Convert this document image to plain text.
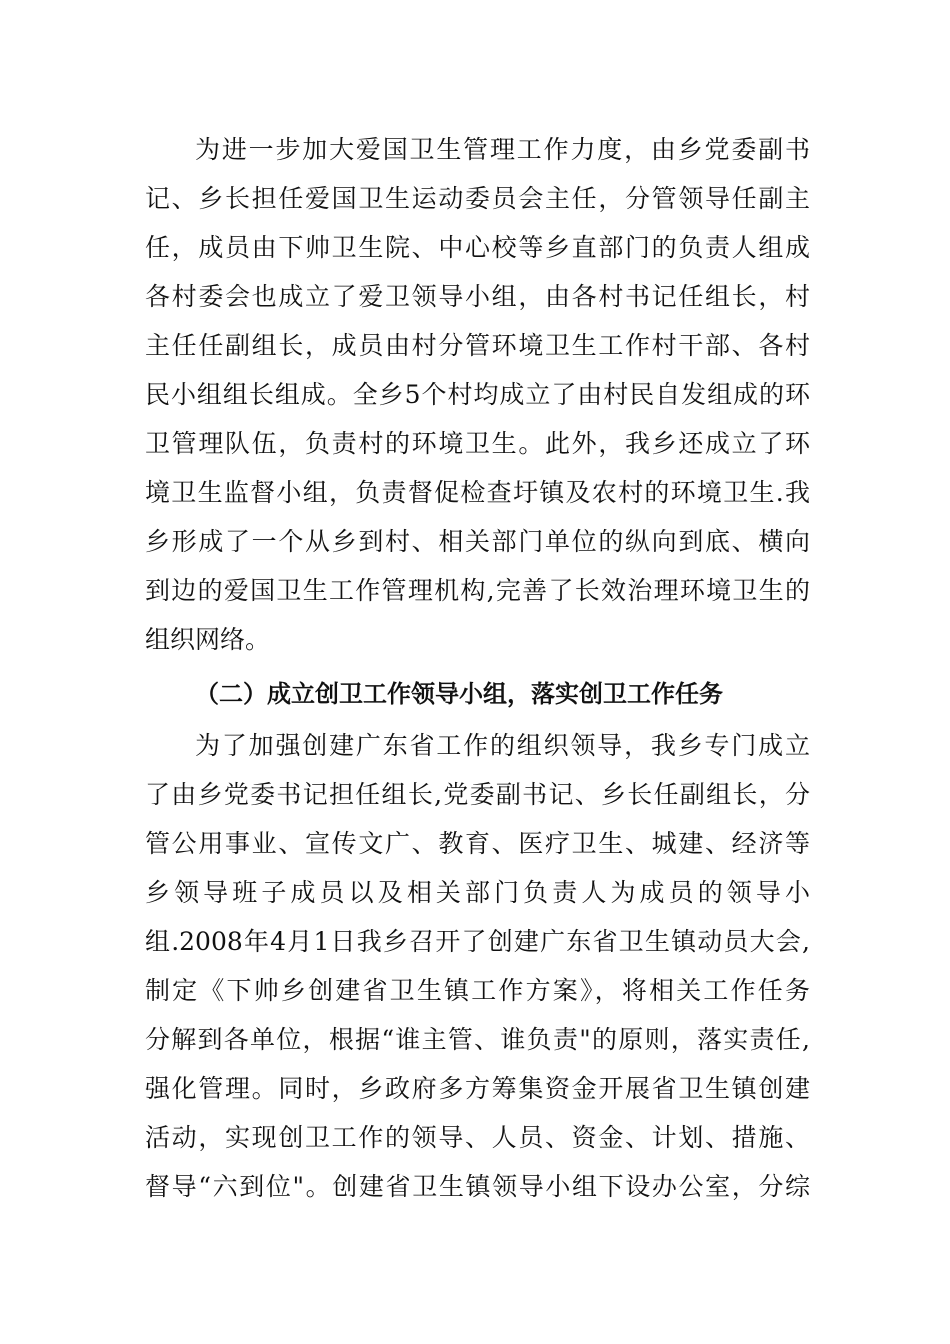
为进一步加大爱国卫生管理工作力度，由乡党委副书
记、乡长担任爱国卫生运动委员会主任，分管领导任副主
任，成员由下帅卫生院、中心校等乡直部门的负责人组成
各村委会也成立了爱卫领导小组，由各村书记任组长，村
主任任副组长，成员由村分管环境卫生工作村干部、各村
民小组组长组成。全乡5个村均成立了由村民自发组成的环
卫管理队伍，负责村的环境卫生。此外，我乡还成立了环
境卫生监督小组，负责督促检查圩镇及农村的环境卫生.我
乡形成了一个从乡到村、相关部门单位的纵向到底、横向
到边的爱国卫生工作管理机构,完善了长效治理环境卫生的
组织网络。
（二）成立创卫工作领导小组，落实创卫工作任务
为了加强创建广东省工作的组织领导，我乡专门成立
了由乡党委书记担任组长,党委副书记、乡长任副组长，分
管公用事业、宣传文广、教育、医疗卫生、城建、经济等
乡领导班子成员以及相关部门负责人为成员的领导小
组.2008年4月1日我乡召开了创建广东省卫生镇动员大会,
制定《下帅乡创建省卫生镇工作方案》，将相关工作任务
分解到各单位，根据“谁主管、谁负责"的原则，落实责任,
强化管理。同时，乡政府多方筹集资金开展省卫生镇创建
活动，实现创卫工作的领导、人员、资金、计划、措施、
督导“六到位"。创建省卫生镇领导小组下设办公室，分综
